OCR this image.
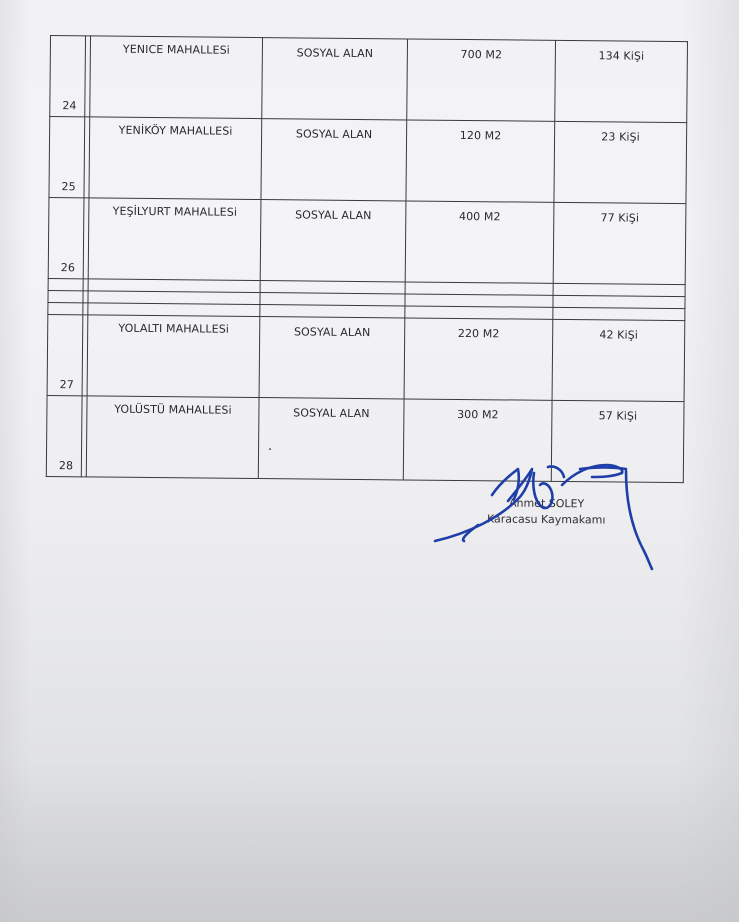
24		YENICE MAHALLESi	SOSYAL ALAN	700 M2	134 KiŞi

25		YENİKÖY MAHALLESi	SOSYAL ALAN	120 M2	23 KiŞi

26		YEŞİLYURT MAHALLESi	SOSYAL ALAN	400 M2	77 KiŞi

27		YOLALTI MAHALLESi	SOSYAL ALAN	220 M2	42 KiŞi

28		YOLÜSTÜ MAHALLESi	SOSYAL ALAN	300 M2	57 KiŞi
Ahmet SOLEY
Karacasu Kaymakamı
